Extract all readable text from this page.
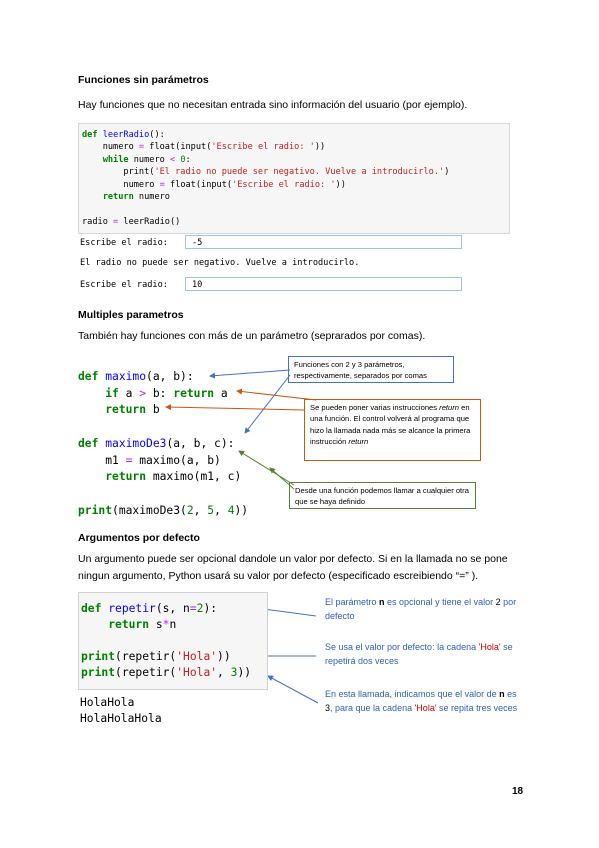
Funciones sin parámetros
Hay funciones que no necesitan entrada sino información del usuario (por ejemplo).
def leerRadio():
numero = float(input('Escribe el radio: '))
while numero < 0:
print('El radio no puede ser negativo. Vuelve a introducirlo.')
numero = float(input('Escribe el radio: '))
return numero

radio = leerRadio()
Escribe el radio:	-5
El radio no puede ser negativo. Vuelve a introducirlo.
Escribe el radio:	10
Multiples parametros
También hay funciones con más de un parámetro (seprarados por comas).
def maximo(a, b):
if a > b: return a
return b

def maximoDe3(a, b, c):
m1 = maximo(a, b)
return maximo(m1, c)

print(maximoDe3(2, 5, 4))
Funciones con 2 y 3 parámetros, respectivamente, separados por comas
Se pueden poner varias instrucciones return en una función. El control volverá al programa que hizo la llamada nada más se alcance la primera instrucción return
Desde una función podemos llamar a cualquier otra que se haya definido
Argumentos por defecto
Un argumento puede ser opcional dandole un valor por defecto. Si en la llamada no se pone ningun argumento, Python usará su valor por defecto (especificado escreibiendo “=” ).
def repetir(s, n=2):
return s*n

print(repetir('Hola'))
print(repetir('Hola', 3))
HolaHola
HolaHolaHola
El parámetro n es opcional y tiene el valor 2 por defecto
Se usa el valor por defecto: la cadena 'Hola' se repetirá dos veces
En esta llamada, indicamos que el valor de n es 3, para que la cadena 'Hola' se repita tres veces
18
